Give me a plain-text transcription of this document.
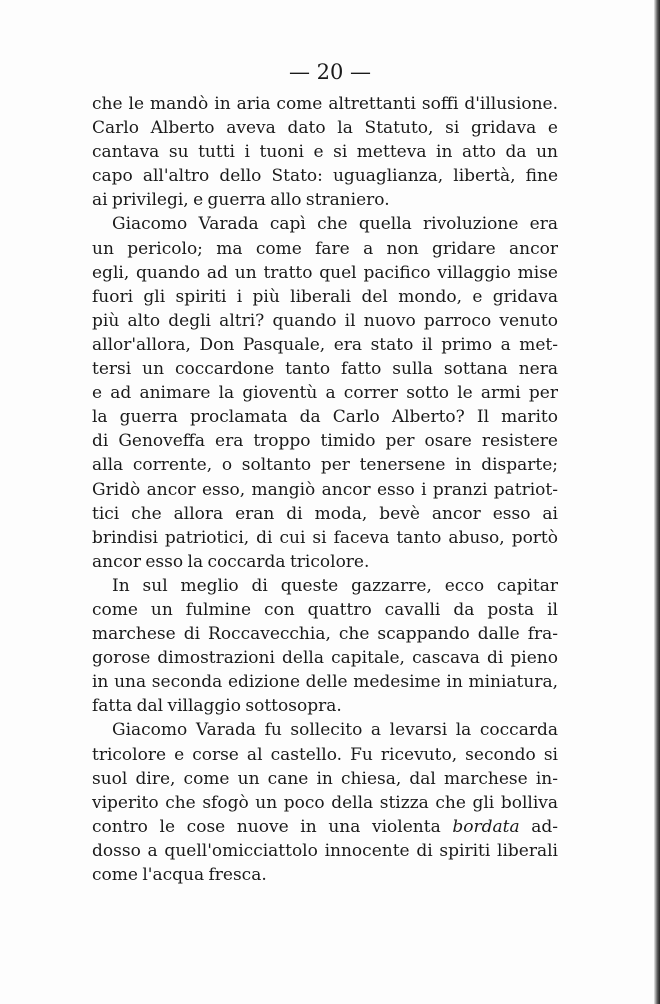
— 20 —

che le mandò in aria come altrettanti soffi d'illusione.
Carlo Alberto aveva dato la Statuto, si gridava e
cantava su tutti i tuoni e si metteva in atto da un
capo all'altro dello Stato: uguaglianza, libertà, fine
ai privilegi, e guerra allo straniero.
Giacomo Varada capì che quella rivoluzione era
un pericolo; ma come fare a non gridare ancor
egli, quando ad un tratto quel pacifico villaggio mise
fuori gli spiriti i più liberali del mondo, e gridava
più alto degli altri? quando il nuovo parroco venuto
allor'allora, Don Pasquale, era stato il primo a met-
tersi un coccardone tanto fatto sulla sottana nera
e ad animare la gioventù a correr sotto le armi per
la guerra proclamata da Carlo Alberto? Il marito
di Genoveffa era troppo timido per osare resistere
alla corrente, o soltanto per tenersene in disparte;
Gridò ancor esso, mangiò ancor esso i pranzi patriot-
tici che allora eran di moda, bevè ancor esso ai
brindisi patriotici, di cui si faceva tanto abuso, portò
ancor esso la coccarda tricolore.
In sul meglio di queste gazzarre, ecco capitar
come un fulmine con quattro cavalli da posta il
marchese di Roccavecchia, che scappando dalle fra-
gorose dimostrazioni della capitale, cascava di pieno
in una seconda edizione delle medesime in miniatura,
fatta dal villaggio sottosopra.
Giacomo Varada fu sollecito a levarsi la coccarda
tricolore e corse al castello. Fu ricevuto, secondo si
suol dire, come un cane in chiesa, dal marchese in-
viperito che sfogò un poco della stizza che gli bolliva
contro le cose nuove in una violenta bordata ad-
dosso a quell'omicciattolo innocente di spiriti liberali
come l'acqua fresca.
